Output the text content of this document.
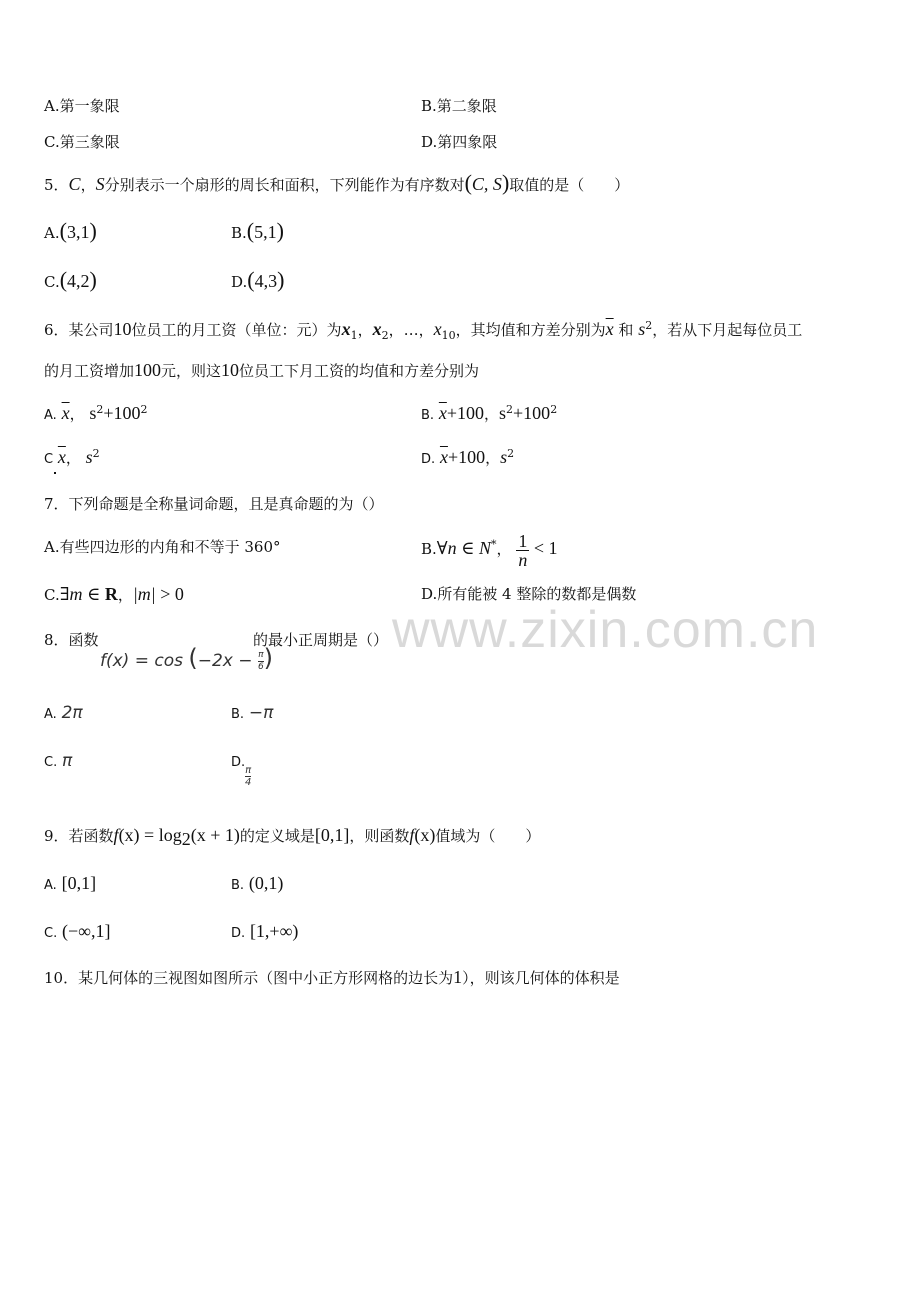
A.第一象限	B.第二象限
C.第三象限	D.第四象限
5．C，S分别表示一个扇形的周长和面积，下列能作为有序数对(C, S)取值的是（　　）
A.(3,1)	B.(5,1)
C.(4,2)	D.(4,3)
6．某公司10位员工的月工资（单位：元）为$x_1$，$x_2$，…，$x_{10}$，其均值和方差分别为$\overline{x}$ 和 $s^2$，若从下月起每位员工
的月工资增加100元，则这10位员工下月工资的均值和方差分别为
A. $\overline{x}$， $s^2+100^2$	B. $\overline{x}+100$，$s^2+100^2$
C $\overline{x}$， $s^2$	D. $\overline{x}+100$，$s^2$
7．下列命题是全称量词命题，且是真命题的为（）
A.有些四边形的内角和不等于 360°	B.∀n ∈ N*， $\frac{1}{n} < 1$
C.∃m ∈ R，|m| > 0	D.所有能被 4 整除的数都是偶数
www.zixin.com.cn
8．函数
$f(x) = \cos (-2x - \frac{\pi}{6})$
的最小正周期是（）
A. 2π	B. −π
C. π	D.
$\frac{\pi}{4}$
9．若函数$f(x) = \log_2(x + 1)$的定义域是[0,1]，则函数f(x)值域为（　　）
A. [0,1]	B. (0,1)
C. (−∞,1]	D. [1,+∞)
10．某几何体的三视图如图所示（图中小正方形网格的边长为1），则该几何体的体积是
